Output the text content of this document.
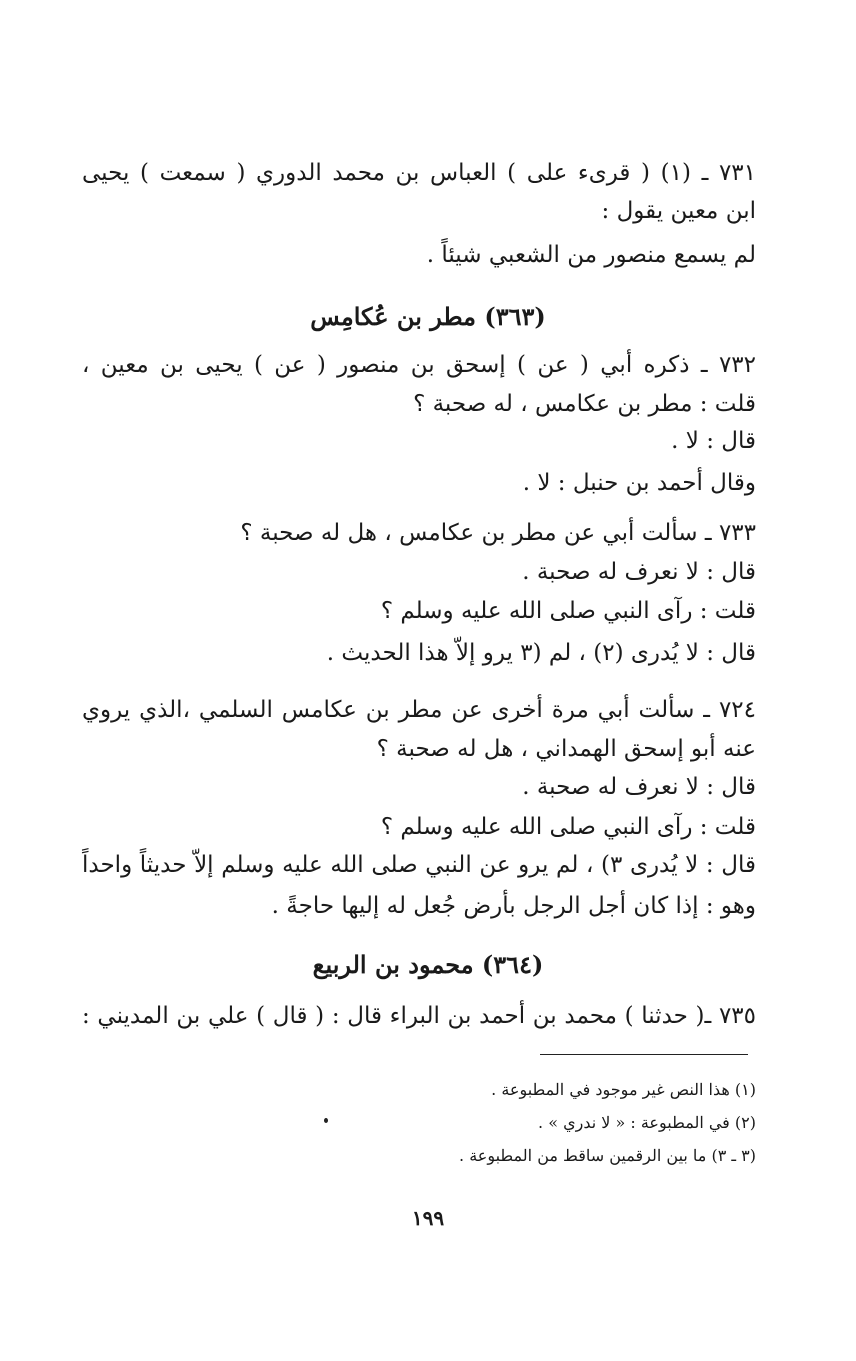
٧٣١ ـ (١) ( قرىء على ) العباس بن محمد الدوري ( سمعت ) يحيى
ابن معين يقول :
لم يسمع منصور من الشعبي شيئاً .
(٣٦٣) مطر بن عُكامِس
٧٣٢ ـ ذكره أبي ( عن ) إسحق بن منصور ( عن ) يحيى بن معين ،
قلت : مطر بن عكامس ، له صحبة ؟
قال : لا .
وقال أحمد بن حنبل : لا .
٧٣٣ ـ سألت أبي عن مطر بن عكامس ، هل له صحبة ؟
قال : لا نعرف له صحبة .
قلت : رآى النبي صلى الله عليه وسلم ؟
قال : لا يُدرى (٢) ، لم (٣ يرو إلاّ هذا الحديث .
٧٢٤ ـ سألت أبي مرة أخرى عن مطر بن عكامس السلمي ،الذي يروي
عنه أبو إسحق الهمداني ، هل له صحبة ؟
قال : لا نعرف له صحبة .
قلت : رآى النبي صلى الله عليه وسلم ؟
قال : لا يُدرى ٣) ، لم يرو عن النبي صلى الله عليه وسلم إلاّ حديثاً واحداً
وهو : إذا كان أجل الرجل بأرض جُعل له إليها حاجةً .
(٣٦٤) محمود بن الربيع
٧٣٥ ـ( حدثنا ) محمد بن أحمد بن البراء قال : ( قال ) علي بن المديني :
(١) هذا النص غير موجود في المطبوعة .
(٢) في المطبوعة : « لا ندري » .
(٣ ـ ٣) ما بين الرقمين ساقط من المطبوعة .
١٩٩
